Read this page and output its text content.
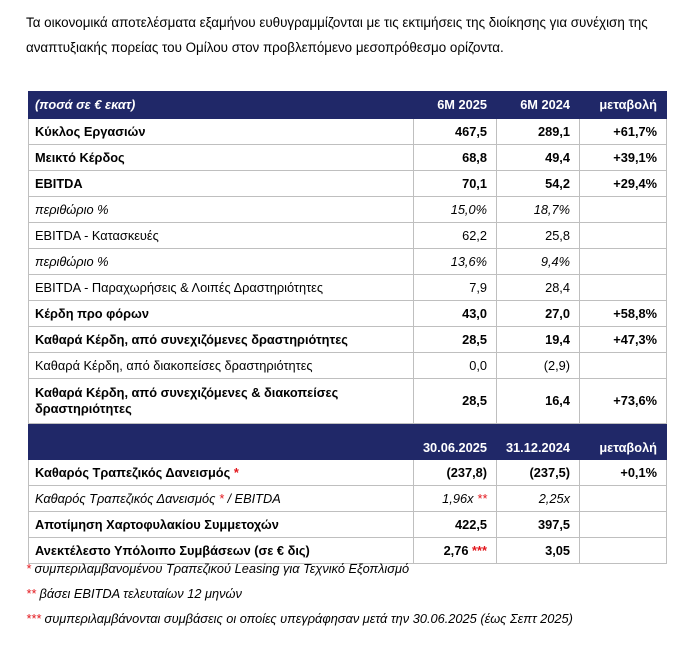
Τα οικονομικά αποτελέσματα εξαμήνου ευθυγραμμίζονται με τις εκτιμήσεις της διοίκησης για συνέχιση της

αναπτυξιακής πορείας του Ομίλου στον προβλεπόμενο μεσοπρόθεσμο ορίζοντα.

(ποσά σε € εκατ)	6M 2025	6M 2024	μεταβολή
Κύκλος Εργασιών	467,5	289,1	+61,7%
Μεικτό Κέρδος	68,8	49,4	+39,1%
EBITDA	70,1	54,2	+29,4%
περιθώριο %	15,0%	18,7%	
EBITDA - Κατασκευές	62,2	25,8	
περιθώριο %	13,6%	9,4%	
EBITDA - Παραχωρήσεις & Λοιπές Δραστηριότητες	7,9	28,4	
Κέρδη προ φόρων	43,0	27,0	+58,8%
Καθαρά Κέρδη, από συνεχιζόμενες δραστηριότητες	28,5	19,4	+47,3%
Καθαρά Κέρδη, από διακοπείσες δραστηριότητες	0,0	(2,9)	
Καθαρά Κέρδη, από συνεχιζόμενες & διακοπείσες δραστηριότητες	28,5	16,4	+73,6%
	30.06.2025	31.12.2024	μεταβολή
Καθαρός Τραπεζικός Δανεισμός *	(237,8)	(237,5)	+0,1%
Καθαρός Τραπεζικός Δανεισμός * / EBITDA	1,96x **	2,25x	
Αποτίμηση Χαρτοφυλακίου Συμμετοχών	422,5	397,5	
Ανεκτέλεστο Υπόλοιπο Συμβάσεων (σε € δις)	2,76 ***	3,05	

* συμπεριλαμβανομένου Τραπεζικού Leasing για Τεχνικό Εξοπλισμό

** βάσει EBITDA τελευταίων 12 μηνών

*** συμπεριλαμβάνονται συμβάσεις οι οποίες υπεγράφησαν μετά την 30.06.2025 (έως Σεπτ 2025)
